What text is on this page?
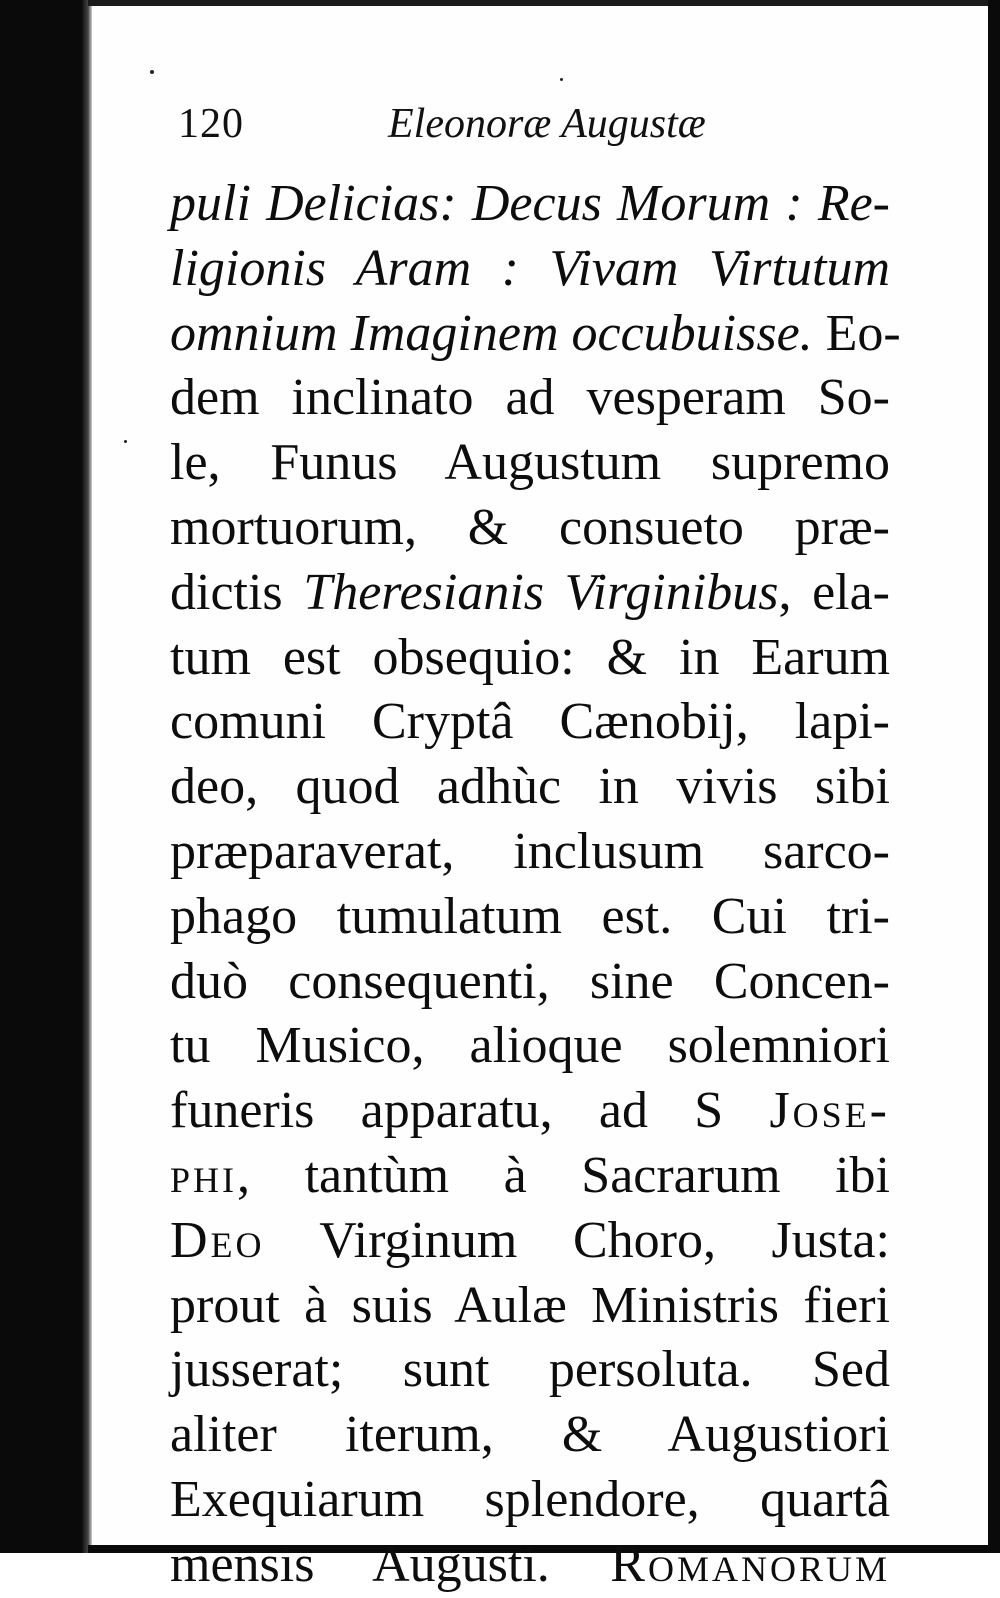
120	Eleonoræ Augustæ
puli Delicias: Decus Morum : Re-
ligionis Aram : Vivam Virtutum
omnium Imaginem occubuisse. Eo-
dem inclinato ad vesperam So-
le, Funus Augustum supremo
mortuorum, & consueto præ-
dictis Theresianis Virginibus, ela-
tum est obsequio: & in Earum
comuni Cryptâ Cænobij, lapi-
deo, quod adhùc in vivis sibi
præparaverat, inclusum sarco-
phago tumulatum est. Cui tri-
duò consequenti, sine Concen-
tu Musico, alioque solemniori
funeris apparatu, ad S Jose-
phi, tantùm à Sacrarum ibi
Deo Virginum Choro, Justa:
prout à suis Aulæ Ministris fieri
jusserat; sunt persoluta. Sed
aliter iterum, & Augustiori
Exequiarum splendore, quartâ
mensis Augusti. Romanorum
